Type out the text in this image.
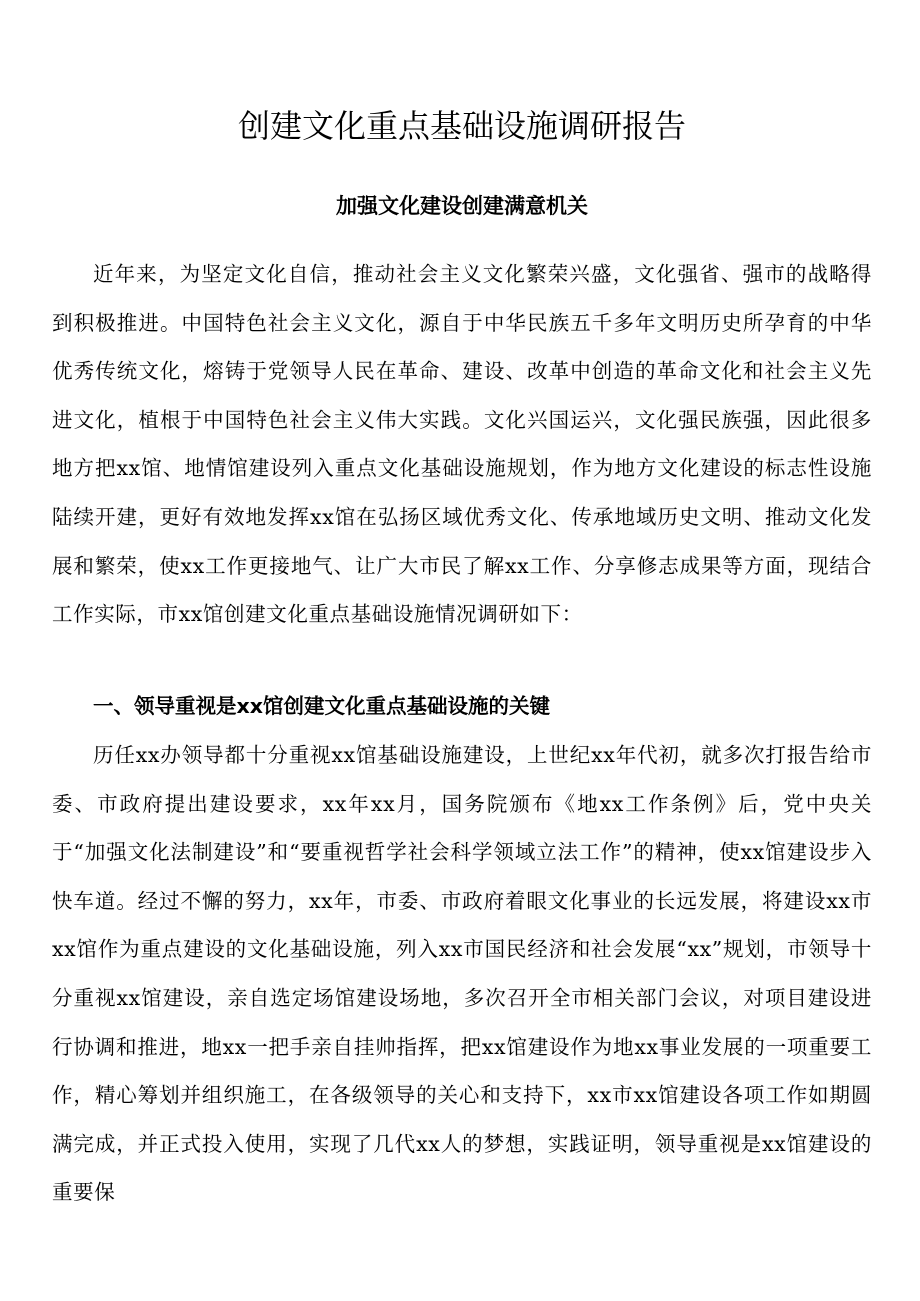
创建文化重点基础设施调研报告
加强文化建设创建满意机关

近年来，为坚定文化自信，推动社会主义文化繁荣兴盛，文化强省、强市的战略得到积极推进。中国特色社会主义文化，源自于中华民族五千多年文明历史所孕育的中华优秀传统文化，熔铸于党领导人民在革命、建设、改革中创造的革命文化和社会主义先进文化，植根于中国特色社会主义伟大实践。文化兴国运兴，文化强民族强，因此很多地方把xx馆、地情馆建设列入重点文化基础设施规划，作为地方文化建设的标志性设施陆续开建，更好有效地发挥xx馆在弘扬区域优秀文化、传承地域历史文明、推动文化发展和繁荣，使xx工作更接地气、让广大市民了解xx工作、分享修志成果等方面，现结合工作实际，市xx馆创建文化重点基础设施情况调研如下：

一、领导重视是xx馆创建文化重点基础设施的关键

历任xx办领导都十分重视xx馆基础设施建设，上世纪xx年代初，就多次打报告给市委、市政府提出建设要求，xx年xx月，国务院颁布《地xx工作条例》后，党中央关于“加强文化法制建设”和“要重视哲学社会科学领域立法工作”的精神，使xx馆建设步入快车道。经过不懈的努力，xx年，市委、市政府着眼文化事业的长远发展，将建设xx市xx馆作为重点建设的文化基础设施，列入xx市国民经济和社会发展“xx”规划，市领导十分重视xx馆建设，亲自选定场馆建设场地，多次召开全市相关部门会议，对项目建设进行协调和推进，地xx一把手亲自挂帅指挥，把xx馆建设作为地xx事业发展的一项重要工作，精心筹划并组织施工，在各级领导的关心和支持下，xx市xx馆建设各项工作如期圆满完成，并正式投入使用，实现了几代xx人的梦想，实践证明，领导重视是xx馆建设的重要保
